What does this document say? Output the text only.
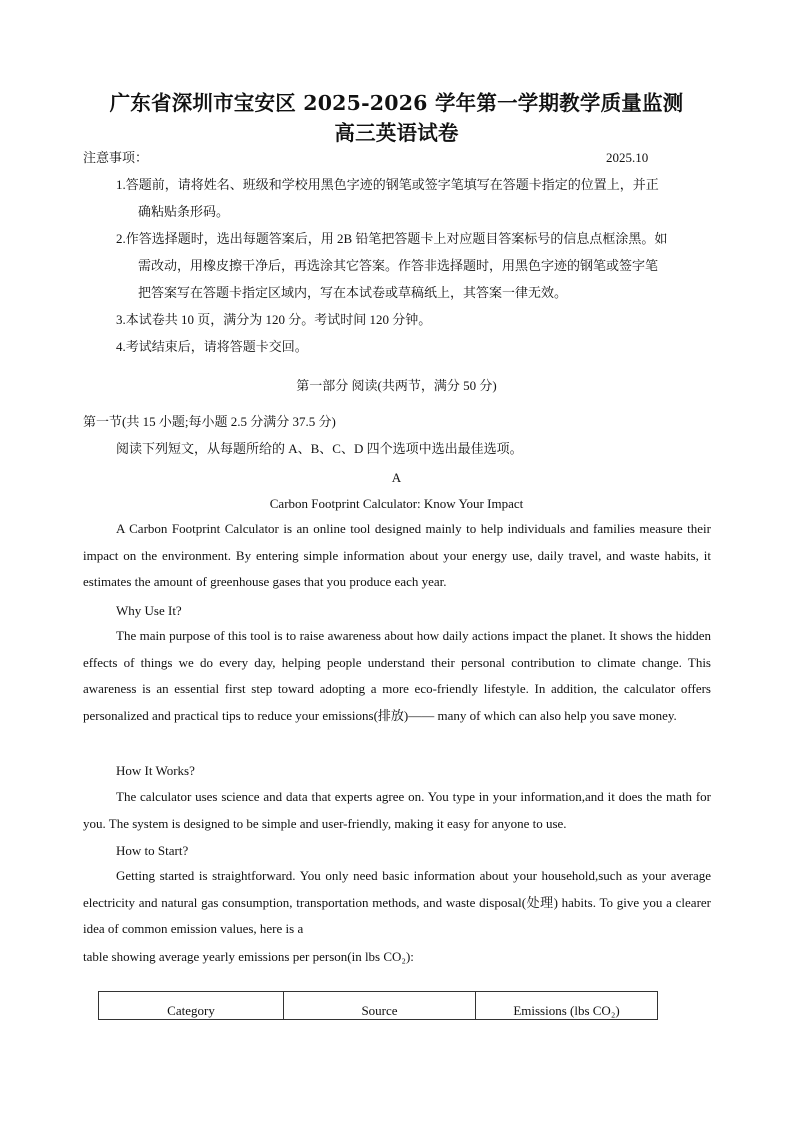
广东省深圳市宝安区 2025-2026 学年第一学期教学质量监测
高三英语试卷
注意事项：	2025.10
1.答题前，请将姓名、班级和学校用黑色字迹的钢笔或签字笔填写在答题卡指定的位置上，并正
确粘贴条形码。
2.作答选择题时，选出每题答案后，用 2B 铅笔把答题卡上对应题目答案标号的信息点框涂黑。如
需改动，用橡皮擦干净后，再选涂其它答案。作答非选择题时，用黑色字迹的钢笔或签字笔
把答案写在答题卡指定区域内，写在本试卷或草稿纸上，其答案一律无效。
3.本试卷共 10 页，满分为 120 分。考试时间 120 分钟。
4.考试结束后，请将答题卡交回。
第一部分 阅读(共两节，满分 50 分)
第一节(共 15 小题;每小题 2.5 分满分 37.5 分)
阅读下列短文，从每题所给的 A、B、C、D 四个选项中选出最佳选项。
A
Carbon Footprint Calculator: Know Your Impact

A Carbon Footprint Calculator is an online tool designed mainly to help individuals and families measure their impact on the environment. By entering simple information about your energy use, daily travel, and waste habits, it estimates the amount of greenhouse gases that you produce each year.

Why Use It?

The main purpose of this tool is to raise awareness about how daily actions impact the planet. It shows the hidden effects of things we do every day, helping people understand their personal contribution to climate change. This awareness is an essential first step toward adopting a more eco-friendly lifestyle. In addition, the calculator offers personalized and practical tips to reduce your emissions(排放)—— many of which can also help you save money.

How It Works?

The calculator uses science and data that experts agree on. You type in your information,and it does the math for you. The system is designed to be simple and user-friendly, making it easy for anyone to use.

How to Start?

Getting started is straightforward. You only need basic information about your household,such as your average electricity and natural gas consumption, transportation methods, and waste disposal(处理) habits. To give you a clearer idea of common emission values, here is a

table showing average yearly emissions per person(in lbs CO₂):
Category	Source	Emissions (lbs CO₂)
